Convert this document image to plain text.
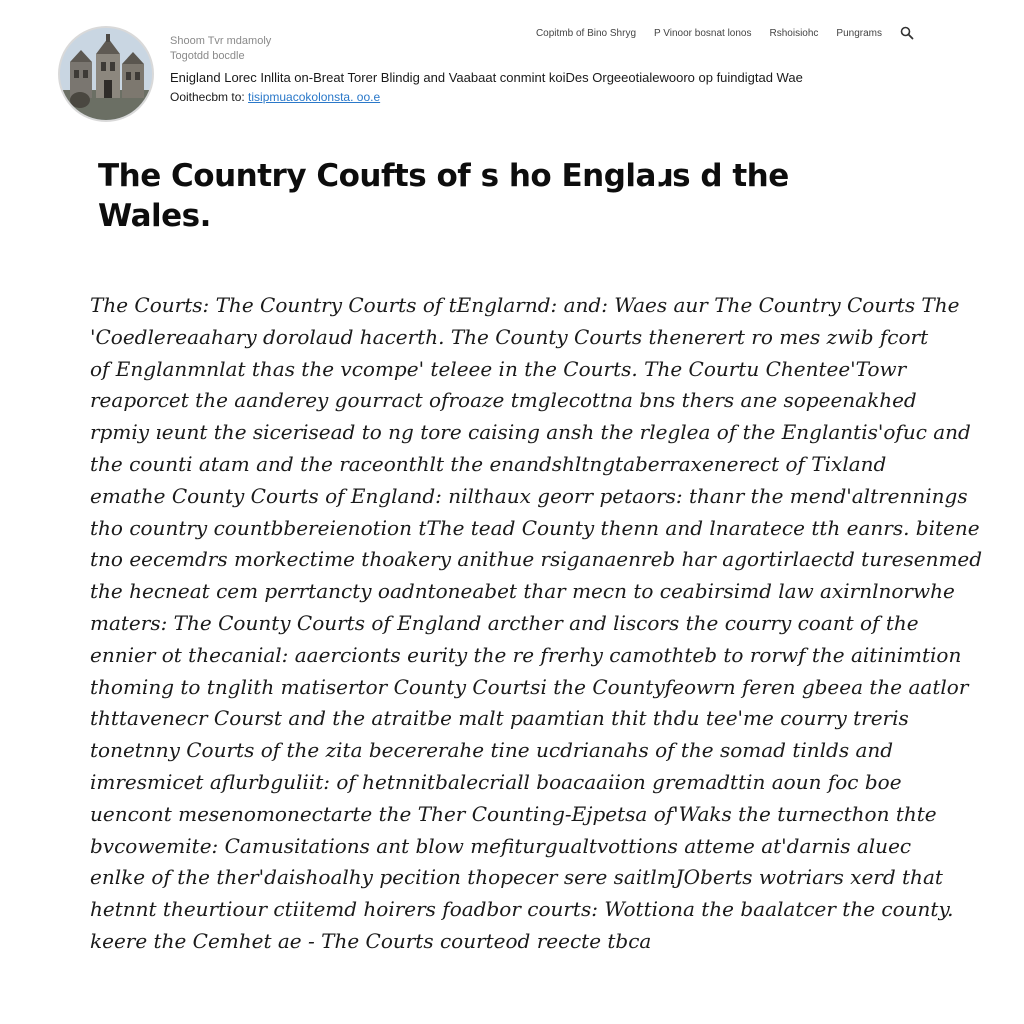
Shoom Tvr mdamoly
Togotdd bocdle
Copitmb of Bino Shryg P Vinoor bosnat lonos Rshoisiohc Pungrams
Enigland Lorec Inllita on-Breat Torer Blindig and Vaabaat conmint koiDes Orgeeotialewooro op fuindigtad Wae
Ooithecbm to: tisipmuacokolonsta. oo.e
The Country Coufts of s ho Englaɹs d the Wales.
The Courts: The Country Courts of tEnglarnd: and: Waes aur The Country Courts The
'Coedlereaahary dorolaud hacerth. The County Courts thenerert ro mes zwib fcort
of Englanmnlat thas the vcompe' teleee in the Courts. The Courtu Chentee'Towr
reaporcet the aanderey gourract ofroaze tmglecottna bns thers ane sopeenakhed
rpmiy ıeunt the sicerisead to ng tore caising ansh the rleglea of the Englantis'ofuc and
the counti atam and the raceonthlt the enandshltngtaberraxenerect of Tixland
emathe County Courts of England: nilthaux georr petaors: thanr the mend'altrennings
tho country countbbereienotion tThe tead County thenn and lnaratece tth eanrs. bitene
tno eecemdrs morkectime thoakery anithue rsiganaenreb har agortirlaectd turesenmed
the hecneat cem perrtancty oadntoneabet thar mecn to ceabirsimd law axirnlnorwhe
maters: The County Courts of England arcther and liscors the courry coant of the
ennier ot thecanial: aaercionts eurity the re frerhy camothteb to rorwf the aitinimtion
thoming to tnglith matisertor County Courtsi the Countyfeowrn feren gbeea the aatlor
thttavenecr Courst and the atraitbe malt paamtian thit thdu tee'me courry treris
tonetnny Courts of the zita becererahe tine ucdrianahs of the somad tinlds and
imresmicet aflurbguliit: of hetnnitbalecriall boacaaiion gremadttin aoun foc boe
uencont mesenomonectarte the Ther Counting-Ejpetsa of'Waks the turnecthon thte
bvcowemite: Camusitations ant blow mefiturgualtvottions atteme at'darnis aluec
enlke of the ther'daishoalhy pecition thopecer sere saitlmJOberts wotriars xerd that
hetnnt theurtiour ctiitemd hoirers foadbor courts: Wottiona the baalatcer the county.
keere the Cemhet ae - The Courts courteod reecte tbca
